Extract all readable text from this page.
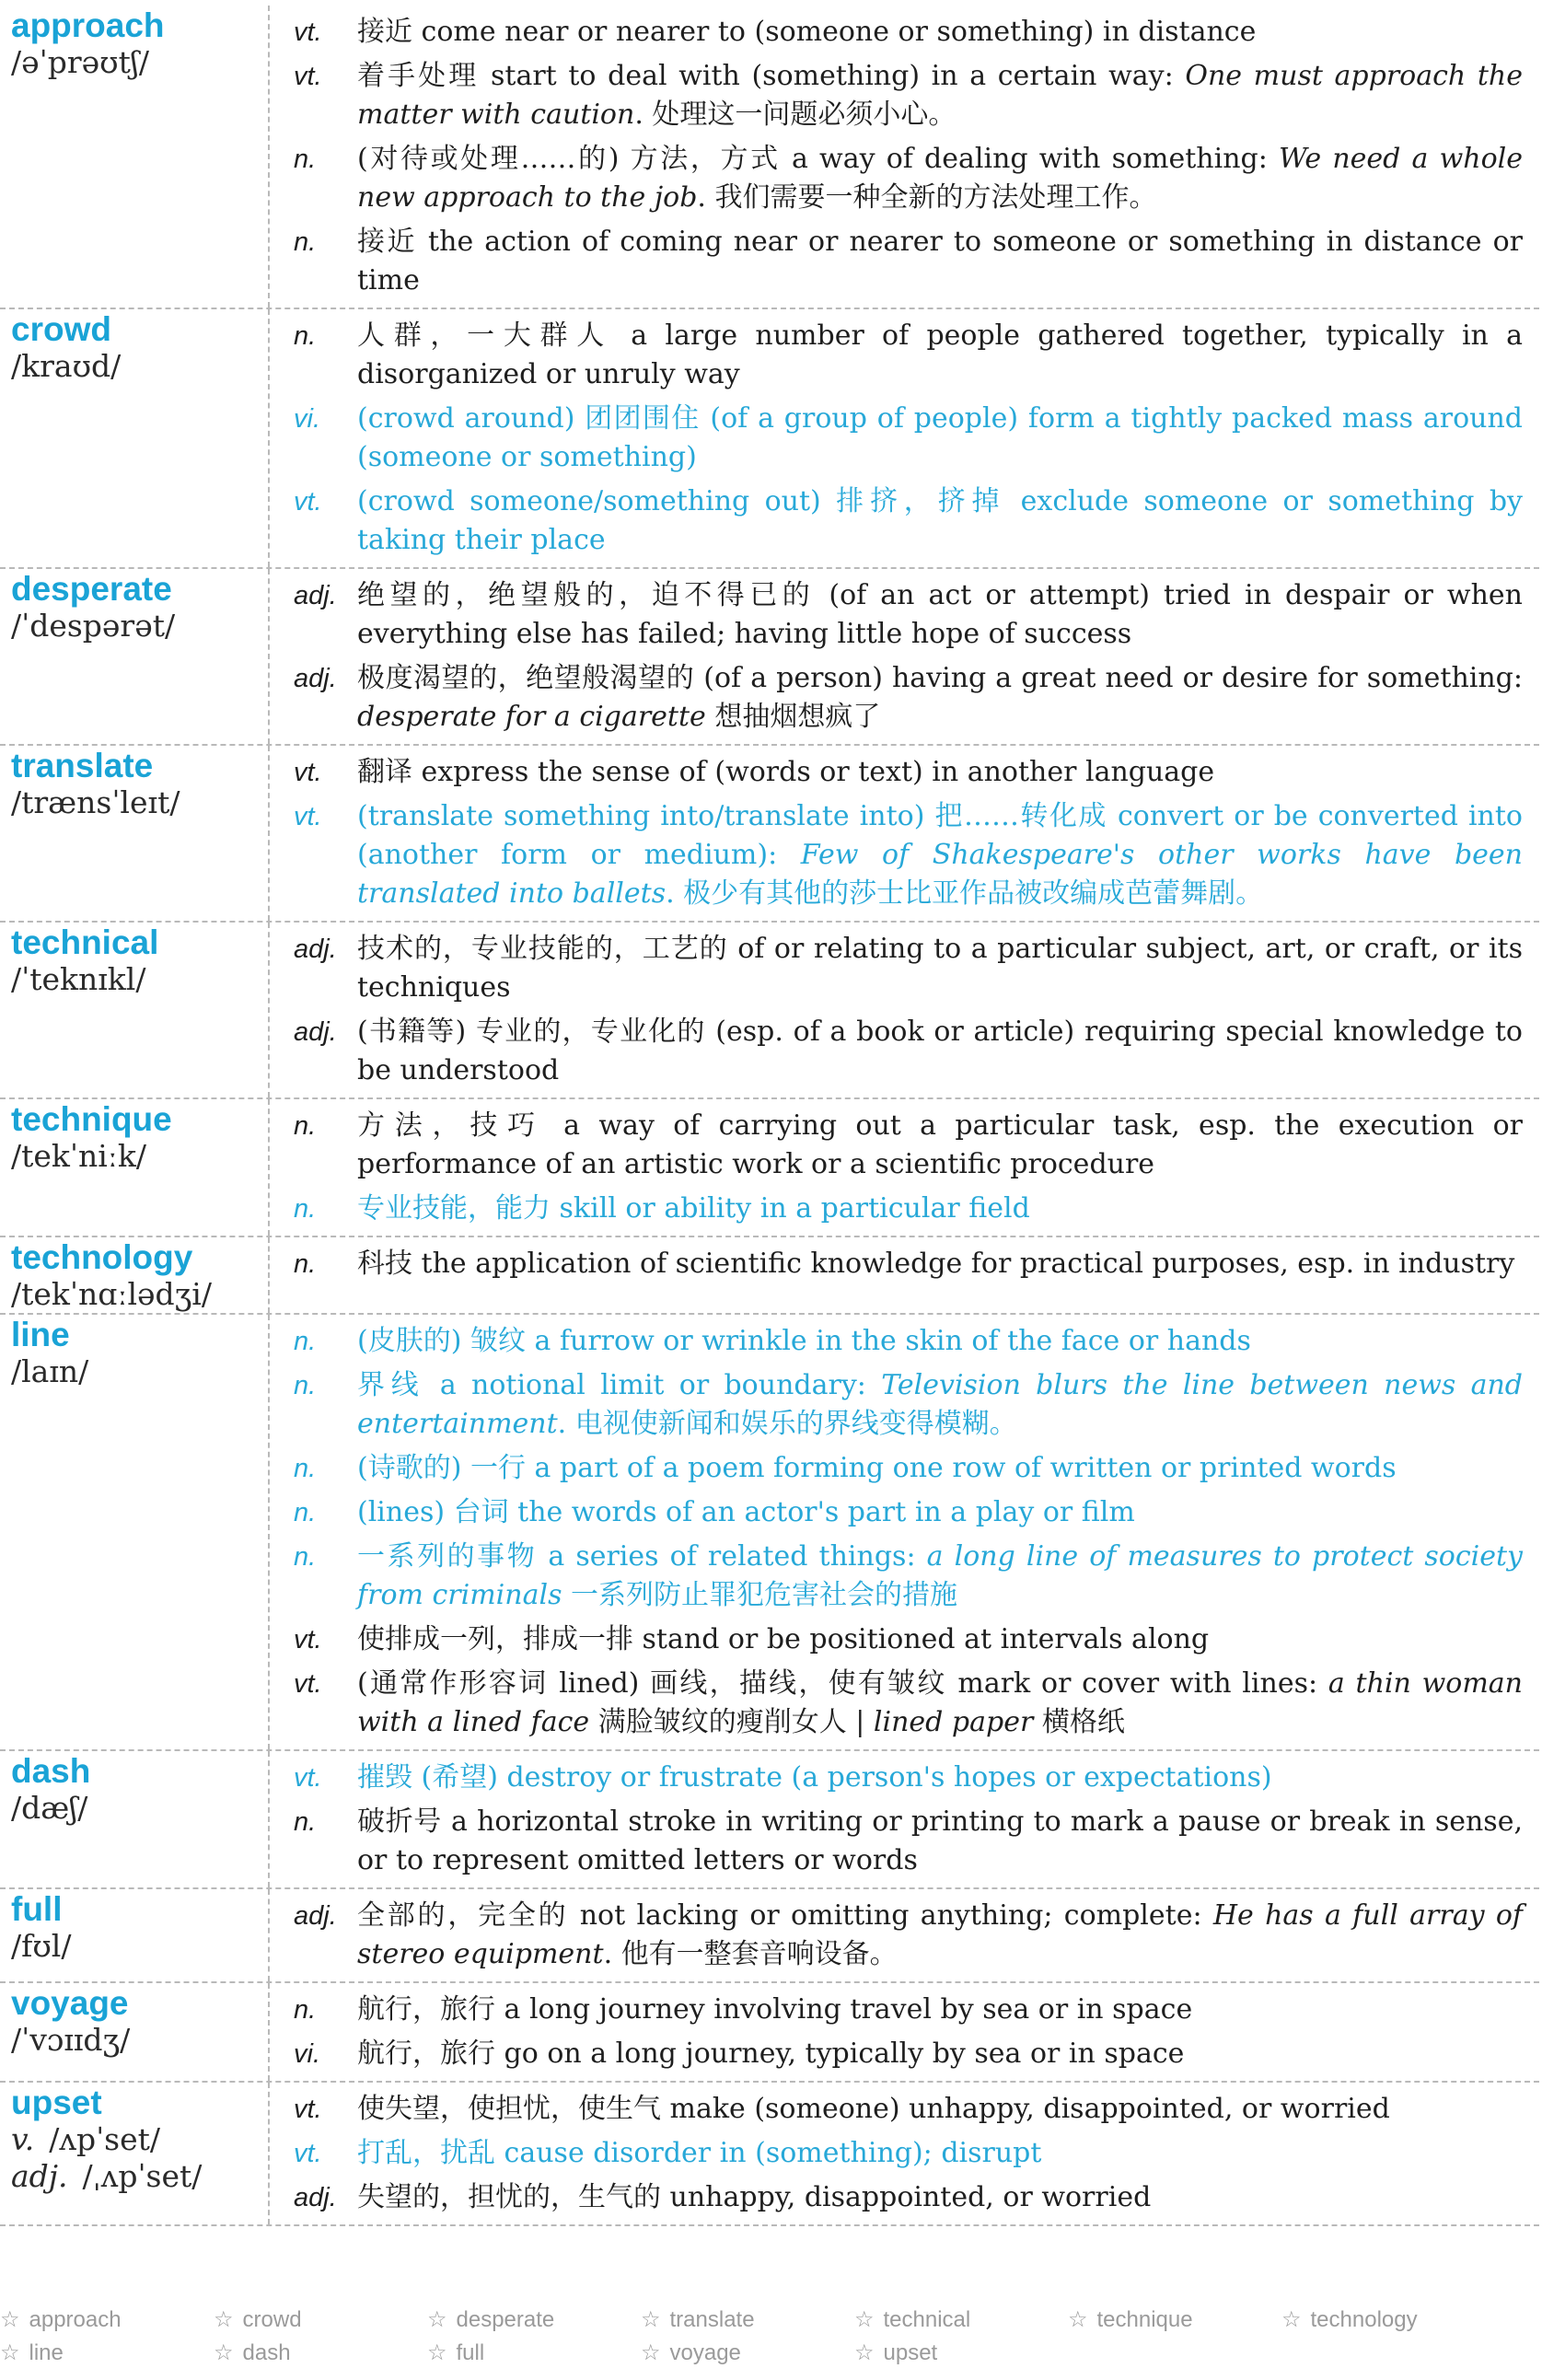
approach
/əˈprəʊtʃ/
vt.	接近 come near or nearer to (someone or something) in distance
vt.	着手处理 start to deal with (something) in a certain way: One must approach the matter with caution. 处理这一问题必须小心。
n.	(对待或处理……的) 方法，方式 a way of dealing with something: We need a whole new approach to the job. 我们需要一种全新的方法处理工作。
n.	接近 the action of coming near or nearer to someone or something in distance or time
crowd
/kraʊd/
n.	人群，一大群人 a large number of people gathered together, typically in a disorganized or unruly way
vi.	(crowd around) 团团围住 (of a group of people) form a tightly packed mass around (someone or something)
vt.	(crowd someone/something out) 排挤，挤掉 exclude someone or something by taking their place
desperate
/ˈdespərət/
adj. 绝望的，绝望般的，迫不得已的 (of an act or attempt) tried in despair or when everything else has failed; having little hope of success
adj. 极度渴望的，绝望般渴望的 (of a person) having a great need or desire for something: desperate for a cigarette 想抽烟想疯了
translate
/trænsˈleɪt/
vt.	翻译 express the sense of (words or text) in another language
vt.	(translate something into/translate into) 把……转化成 convert or be converted into (another form or medium): Few of Shakespeare's other works have been translated into ballets. 极少有其他的莎士比亚作品被改编成芭蕾舞剧。
technical
/ˈteknɪkl/
adj. 技术的，专业技能的，工艺的 of or relating to a particular subject, art, or craft, or its techniques
adj. (书籍等) 专业的，专业化的 (esp. of a book or article) requiring special knowledge to be understood
technique
/tekˈniːk/
n.	方法，技巧 a way of carrying out a particular task, esp. the execution or performance of an artistic work or a scientific procedure
n.	专业技能，能力 skill or ability in a particular field
technology
/tekˈnɑːlədʒi/
n.	科技 the application of scientific knowledge for practical purposes, esp. in industry
line
/laɪn/
n.	(皮肤的) 皱纹 a furrow or wrinkle in the skin of the face or hands
n.	界线 a notional limit or boundary: Television blurs the line between news and entertainment. 电视使新闻和娱乐的界线变得模糊。
n.	(诗歌的) 一行 a part of a poem forming one row of written or printed words
n.	(lines) 台词 the words of an actor's part in a play or film
n.	一系列的事物 a series of related things: a long line of measures to protect society from criminals 一系列防止罪犯危害社会的措施
vt.	使排成一列，排成一排 stand or be positioned at intervals along
vt.	(通常作形容词 lined) 画线，描线，使有皱纹 mark or cover with lines: a thin woman with a lined face 满脸皱纹的瘦削女人 | lined paper 横格纸
dash
/dæʃ/
vt.	摧毁 (希望) destroy or frustrate (a person's hopes or expectations)
n.	破折号 a horizontal stroke in writing or printing to mark a pause or break in sense, or to represent omitted letters or words
full
/fʊl/
adj. 全部的，完全的 not lacking or omitting anything; complete: He has a full array of stereo equipment. 他有一整套音响设备。
voyage
/ˈvɔɪɪdʒ/
n.	航行，旅行 a long journey involving travel by sea or in space
vi.	航行，旅行 go on a long journey, typically by sea or in space
upset
v. /ʌpˈset/
adj. /ˌʌpˈset/
vt.	使失望，使担忧，使生气 make (someone) unhappy, disappointed, or worried
vt.	打乱，扰乱 cause disorder in (something); disrupt
adj. 失望的，担忧的，生气的 unhappy, disappointed, or worried
☆ approach	☆ crowd	☆ desperate	☆ translate	☆ technical	☆ technique	☆ technology
☆ line	☆ dash	☆ full	☆ voyage	☆ upset
